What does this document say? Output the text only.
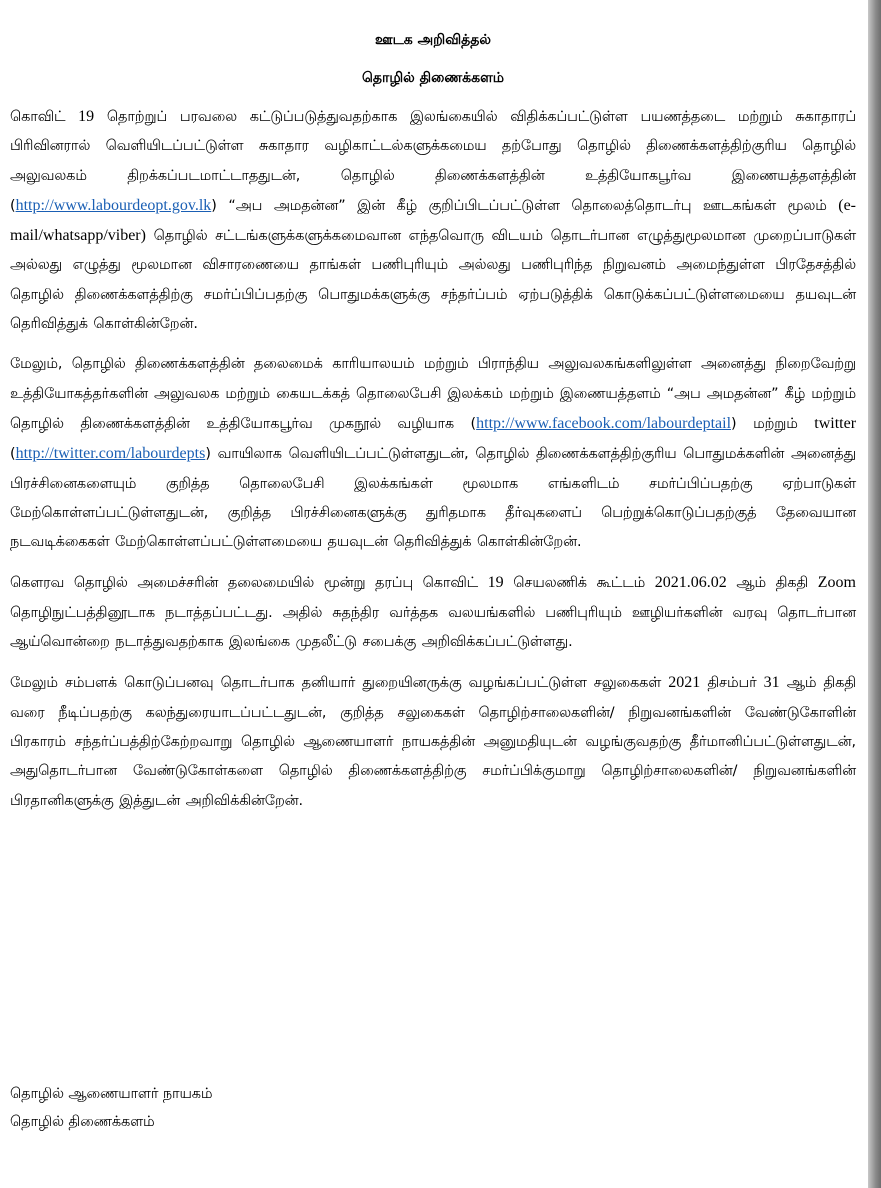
ஊடக அறிவித்தல்
தொழில் திணைக்களம்

கொவிட் 19 தொற்றுப் பரவலை கட்டுப்படுத்துவதற்காக இலங்கையில் விதிக்கப்பட்டுள்ள பயணத்தடை மற்றும் சுகாதாரப் பிரிவினரால் வெளியிடப்பட்டுள்ள சுகாதார வழிகாட்டல்களுக்கமைய தற்போது தொழில் திணைக்களத்திற்குரிய தொழில் அலுவலகம் திறக்கப்படமாட்டாததுடன், தொழில் திணைக்களத்தின் உத்தியோகபூர்வ இணையத்தளத்தின் (http://www.labourdeopt.gov.lk) “அப அமதன்ன” இன் கீழ் குறிப்பிடப்பட்டுள்ள தொலைத்தொடர்பு ஊடகங்கள் மூலம் (e-mail/whatsapp/viber) தொழில் சட்டங்களுக்களுக்கமைவான எந்தவொரு விடயம் தொடர்பான எழுத்துமூலமான முறைப்பாடுகள் அல்லது எழுத்து மூலமான விசாரணையை தாங்கள் பணிபுரியும் அல்லது பணிபுரிந்த நிறுவனம் அமைந்துள்ள பிரதேசத்தில் தொழில் திணைக்களத்திற்கு சமர்ப்பிப்பதற்கு பொதுமக்களுக்கு சந்தர்ப்பம் ஏற்படுத்திக் கொடுக்கப்பட்டுள்ளமையை தயவுடன் தெரிவித்துக் கொள்கின்றேன்.

மேலும், தொழில் திணைக்களத்தின் தலைமைக் காரியாலயம் மற்றும் பிராந்திய அலுவலகங்களிலுள்ள அனைத்து நிறைவேற்று உத்தியோகத்தர்களின் அலுவலக மற்றும் கையடக்கத் தொலைபேசி இலக்கம் மற்றும் இணையத்தளம் “அப அமதன்ன” கீழ் மற்றும் தொழில் திணைக்களத்தின் உத்தியோகபூர்வ முகநூல் வழியாக (http://www.facebook.com/labourdeptail) மற்றும் twitter (http://twitter.com/labourdepts) வாயிலாக வெளியிடப்பட்டுள்ளதுடன், தொழில் திணைக்களத்திற்குரிய பொதுமக்களின் அனைத்து பிரச்சினைகளையும் குறித்த தொலைபேசி இலக்கங்கள் மூலமாக எங்களிடம் சமர்ப்பிப்பதற்கு ஏற்பாடுகள் மேற்கொள்ளப்பட்டுள்ளதுடன், குறித்த பிரச்சினைகளுக்கு துரிதமாக தீர்வுகளைப் பெற்றுக்கொடுப்பதற்குத் தேவையான நடவடிக்கைகள் மேற்கொள்ளப்பட்டுள்ளமையை தயவுடன் தெரிவித்துக் கொள்கின்றேன்.

கௌரவ தொழில் அமைச்சரின் தலைமையில் மூன்று தரப்பு கொவிட் 19 செயலணிக் கூட்டம் 2021.06.02 ஆம் திகதி Zoom தொழிநுட்பத்தினூடாக நடாத்தப்பட்டது. அதில் சுதந்திர வர்த்தக வலயங்களில் பணிபுரியும் ஊழியர்களின் வரவு தொடர்பான ஆய்வொன்றை நடாத்துவதற்காக இலங்கை முதலீட்டு சபைக்கு அறிவிக்கப்பட்டுள்ளது.

மேலும் சம்பளக் கொடுப்பனவு தொடர்பாக தனியார் துறையினருக்கு வழங்கப்பட்டுள்ள சலுகைகள் 2021 திசம்பர் 31 ஆம் திகதி வரை நீடிப்பதற்கு கலந்துரையாடப்பட்டதுடன், குறித்த சலுகைகள் தொழிற்சாலைகளின்/ நிறுவனங்களின் வேண்டுகோளின் பிரகாரம் சந்தர்ப்பத்திற்கேற்றவாறு தொழில் ஆணையாளர் நாயகத்தின் அனுமதியுடன் வழங்குவதற்கு தீர்மானிப்பட்டுள்ளதுடன், அதுதொடர்பான வேண்டுகோள்களை தொழில் திணைக்களத்திற்கு சமர்ப்பிக்குமாறு தொழிற்சாலைகளின்/ நிறுவனங்களின் பிரதானிகளுக்கு இத்துடன் அறிவிக்கின்றேன்.

தொழில் ஆணையாளர் நாயகம்
தொழில் திணைக்களம்
